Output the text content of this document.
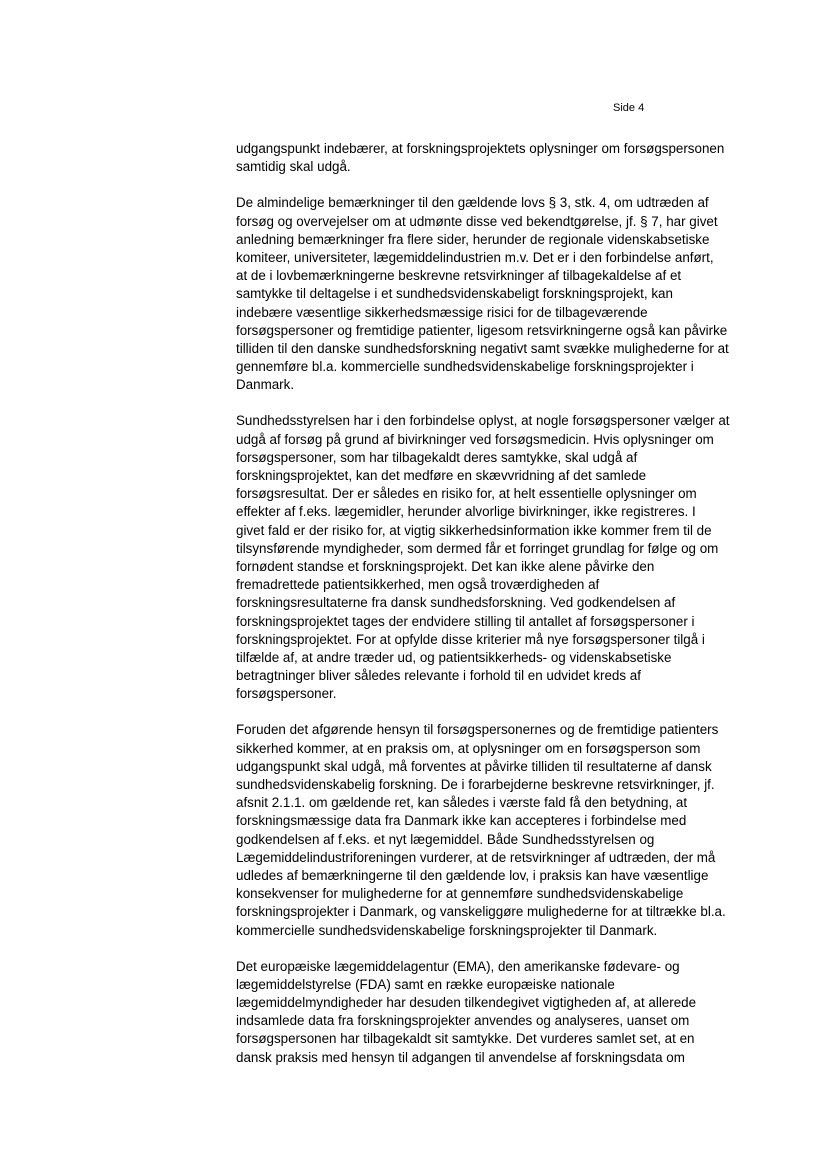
Side 4

udgangspunkt indebærer, at forskningsprojektets oplysninger om forsøgspersonen
samtidig skal udgå.

De almindelige bemærkninger til den gældende lovs § 3, stk. 4, om udtræden af
forsøg og overvejelser om at udmønte disse ved bekendtgørelse, jf. § 7, har givet
anledning bemærkninger fra flere sider, herunder de regionale videnskabsetiske
komiteer, universiteter, lægemiddelindustrien m.v. Det er i den forbindelse anført,
at de i lovbemærkningerne beskrevne retsvirkninger af tilbagekaldelse af et
samtykke til deltagelse i et sundhedsvidenskabeligt forskningsprojekt, kan
indebære væsentlige sikkerhedsmæssige risici for de tilbageværende
forsøgspersoner og fremtidige patienter, ligesom retsvirkningerne også kan påvirke
tilliden til den danske sundhedsforskning negativt samt svække mulighederne for at
gennemføre bl.a. kommercielle sundhedsvidenskabelige forskningsprojekter i
Danmark.

Sundhedsstyrelsen har i den forbindelse oplyst, at nogle forsøgspersoner vælger at
udgå af forsøg på grund af bivirkninger ved forsøgsmedicin. Hvis oplysninger om
forsøgspersoner, som har tilbagekaldt deres samtykke, skal udgå af
forskningsprojektet, kan det medføre en skævvridning af det samlede
forsøgsresultat. Der er således en risiko for, at helt essentielle oplysninger om
effekter af f.eks. lægemidler, herunder alvorlige bivirkninger, ikke registreres. I
givet fald er der risiko for, at vigtig sikkerhedsinformation ikke kommer frem til de
tilsynsførende myndigheder, som dermed får et forringet grundlag for følge og om
fornødent standse et forskningsprojekt. Det kan ikke alene påvirke den
fremadrettede patientsikkerhed, men også troværdigheden af
forskningsresultaterne fra dansk sundhedsforskning. Ved godkendelsen af
forskningsprojektet tages der endvidere stilling til antallet af forsøgspersoner i
forskningsprojektet. For at opfylde disse kriterier må nye forsøgspersoner tilgå i
tilfælde af, at andre træder ud, og patientsikkerheds- og videnskabsetiske
betragtninger bliver således relevante i forhold til en udvidet kreds af
forsøgspersoner.

Foruden det afgørende hensyn til forsøgspersonernes og de fremtidige patienters
sikkerhed kommer, at en praksis om, at oplysninger om en forsøgsperson som
udgangspunkt skal udgå, må forventes at påvirke tilliden til resultaterne af dansk
sundhedsvidenskabelig forskning. De i forarbejderne beskrevne retsvirkninger, jf.
afsnit 2.1.1. om gældende ret, kan således i værste fald få den betydning, at
forskningsmæssige data fra Danmark ikke kan accepteres i forbindelse med
godkendelsen af f.eks. et nyt lægemiddel. Både Sundhedsstyrelsen og
Lægemiddelindustriforeningen vurderer, at de retsvirkninger af udtræden, der må
udledes af bemærkningerne til den gældende lov, i praksis kan have væsentlige
konsekvenser for mulighederne for at gennemføre sundhedsvidenskabelige
forskningsprojekter i Danmark, og vanskeliggøre mulighederne for at tiltrække bl.a.
kommercielle sundhedsvidenskabelige forskningsprojekter til Danmark.

Det europæiske lægemiddelagentur (EMA), den amerikanske fødevare- og
lægemiddelstyrelse (FDA) samt en række europæiske nationale
lægemiddelmyndigheder har desuden tilkendegivet vigtigheden af, at allerede
indsamlede data fra forskningsprojekter anvendes og analyseres, uanset om
forsøgspersonen har tilbagekaldt sit samtykke. Det vurderes samlet set, at en
dansk praksis med hensyn til adgangen til anvendelse af forskningsdata om
